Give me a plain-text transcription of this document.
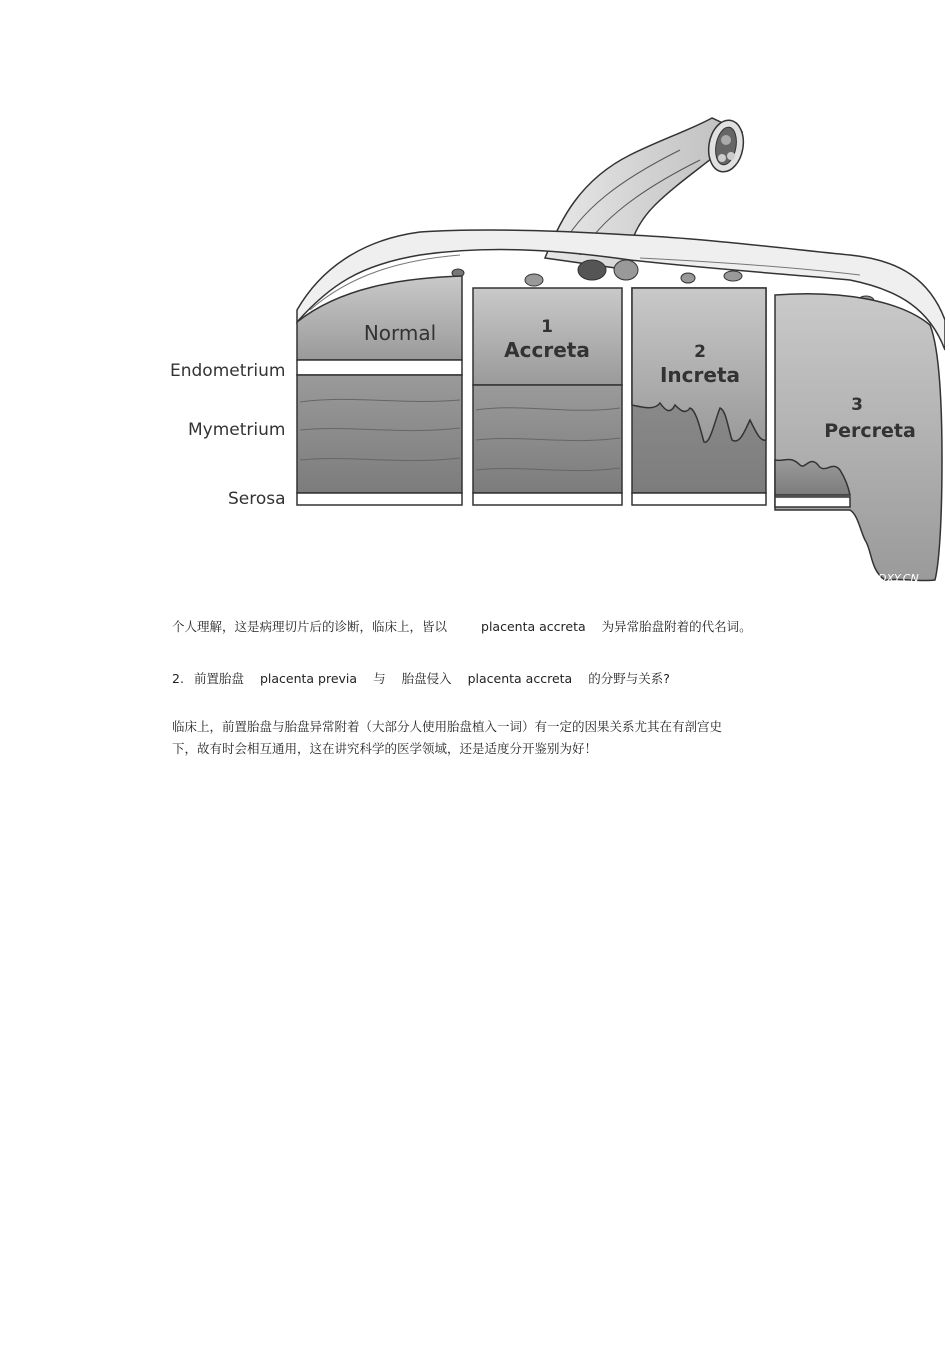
Endometrium
Mymetrium
Serosa
Normal	1
Accreta	2
Increta
3
Percreta
DXY.CN

个人理解，这是病理切片后的诊断，临床上，皆以	placenta accreta 为异常胎盘附着的代名词。

2. 前置胎盘 placenta previa 与 胎盘侵入 placenta accreta 的分野与关系?

临床上，前置胎盘与胎盘异常附着（大部分人使用胎盘植入一词）有一定的因果关系尤其在有剖宫史
下，故有时会相互通用，这在讲究科学的医学领域，还是适度分开鉴别为好！
